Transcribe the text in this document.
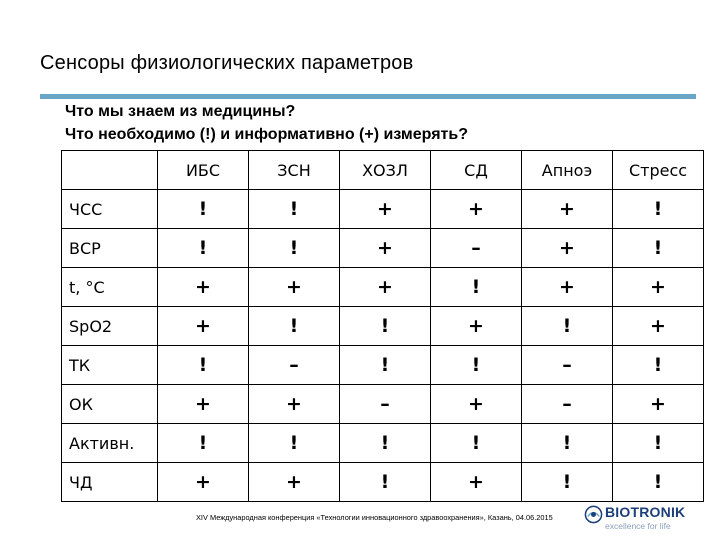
Сенсоры физиологических параметров
Что мы знаем из медицины?
Что необходимо (!) и информативно (+) измерять?
	ИБС	ЗСН	ХОЗЛ	СД	Апноэ	Стресс
ЧСС	!	!	+	+	+	!
ВСР	!	!	+	–	+	!
t, °C	+	+	+	!	+	+
SpO2	+	!	!	+	!	+
ТК	!	–	!	!	–	!
ОК	+	+	–	+	–	+
Активн.	!	!	!	!	!	!
ЧД	+	+	!	+	!	!
XIV Международная конференция «Технологии инновационного здравоохранения», Казань, 04.06.2015	BIOTRONIK
excellence for life
